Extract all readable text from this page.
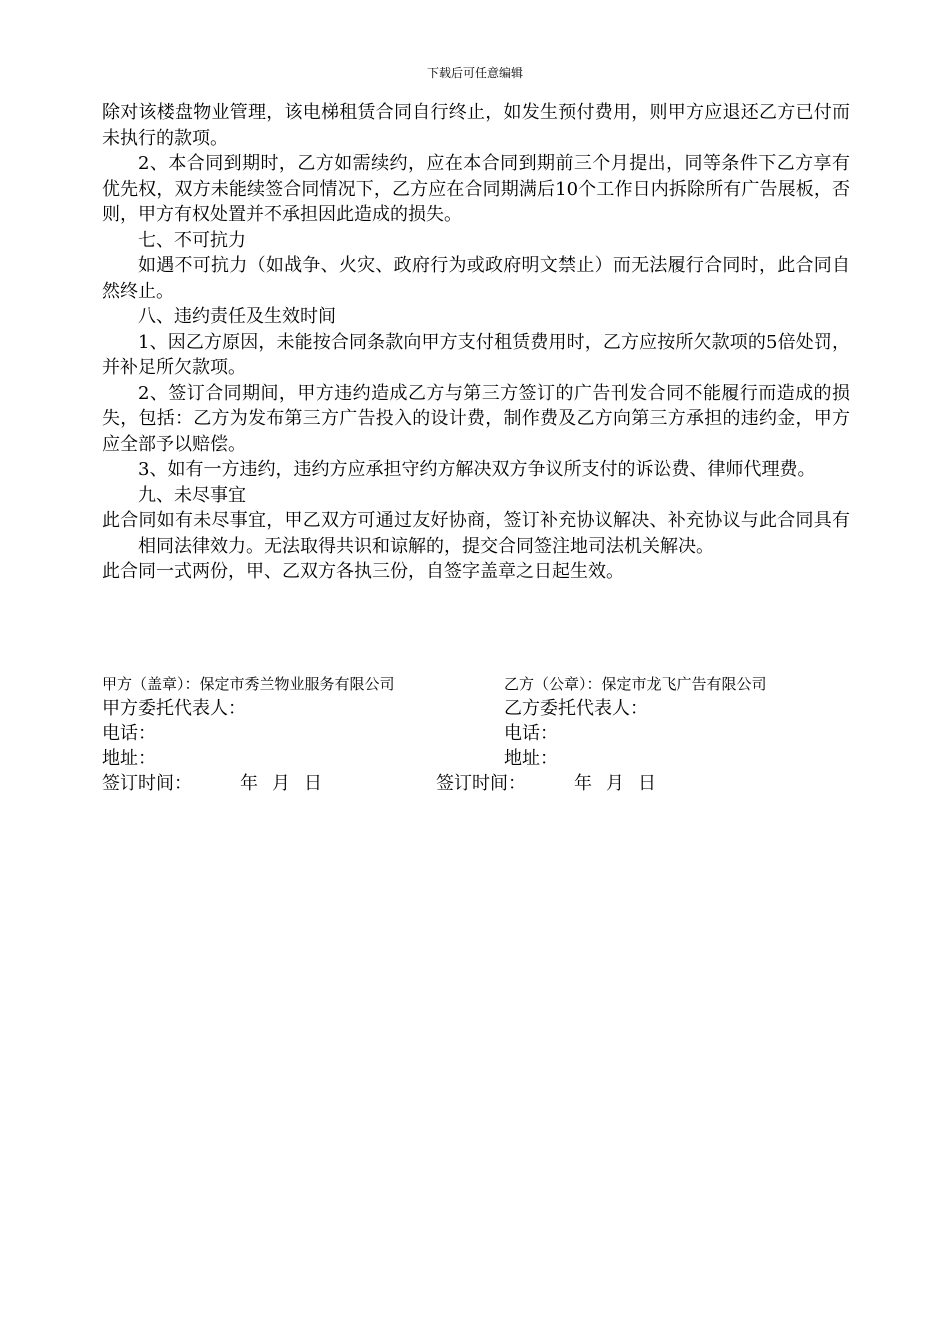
下载后可任意编辑

除对该楼盘物业管理，该电梯租赁合同自行终止，如发生预付费用，则甲方应退还乙方已付而未执行的款项。

2、本合同到期时，乙方如需续约，应在本合同到期前三个月提出，同等条件下乙方享有优先权，双方未能续签合同情况下，乙方应在合同期满后10个工作日内拆除所有广告展板，否则，甲方有权处置并不承担因此造成的损失。

七、不可抗力

如遇不可抗力（如战争、火灾、政府行为或政府明文禁止）而无法履行合同时，此合同自然终止。

八、违约责任及生效时间

1、因乙方原因，未能按合同条款向甲方支付租赁费用时，乙方应按所欠款项的5倍处罚，并补足所欠款项。

2、签订合同期间，甲方违约造成乙方与第三方签订的广告刊发合同不能履行而造成的损失，包括：乙方为发布第三方广告投入的设计费，制作费及乙方向第三方承担的违约金，甲方应全部予以赔偿。

3、如有一方违约，违约方应承担守约方解决双方争议所支付的诉讼费、律师代理费。

九、未尽事宜

此合同如有未尽事宜，甲乙双方可通过友好协商，签订补充协议解决、补充协议与此合同具有相同法律效力。无法取得共识和谅解的，提交合同签注地司法机关解决。

此合同一式两份，甲、乙双方各执三份，自签字盖章之日起生效。

甲方（盖章）：保定市秀兰物业服务有限公司	乙方（公章）：保定市龙飞广告有限公司
甲方委托代表人：	乙方委托代表人：
电话：	电话：
地址：	地址：
签订时间：	年 月 日	签订时间：	年 月 日
